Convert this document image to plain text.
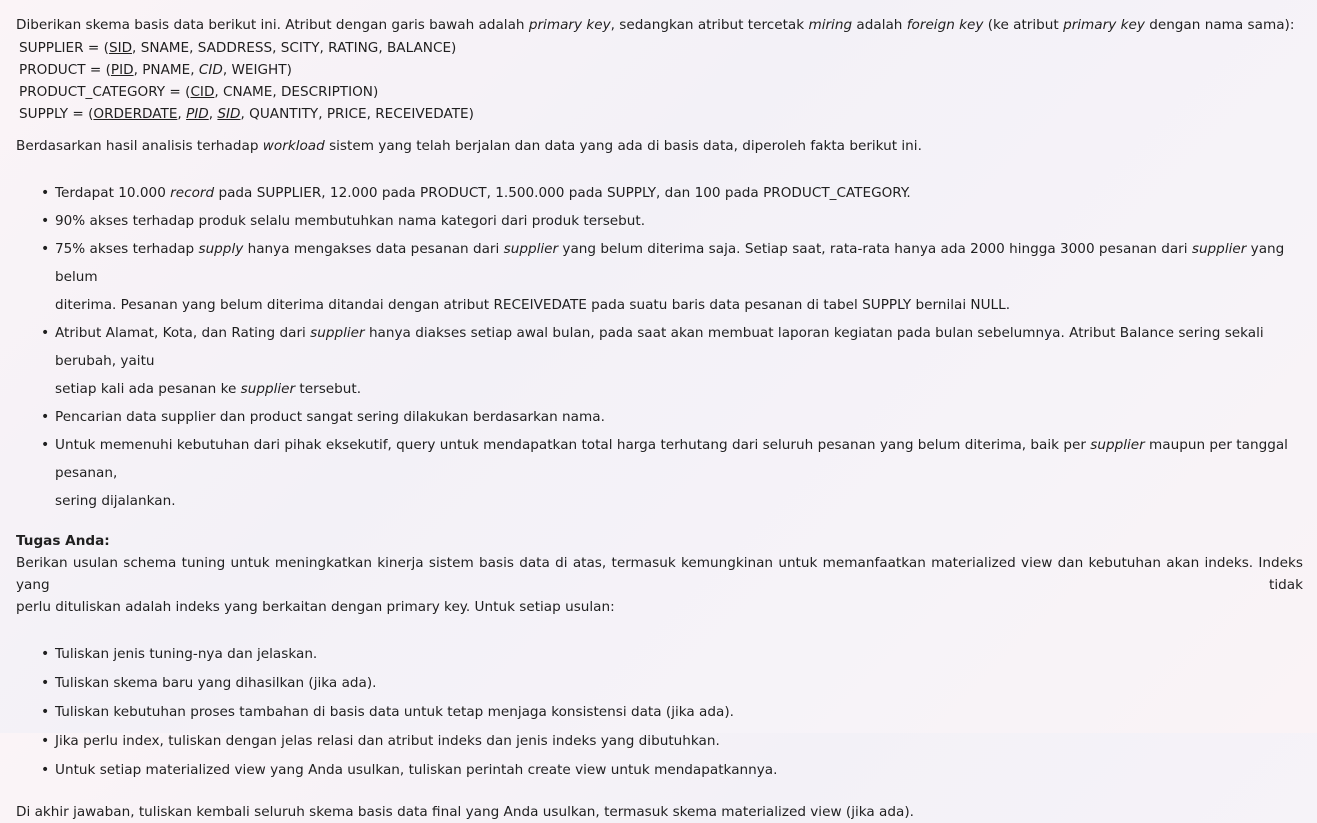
Diberikan skema basis data berikut ini. Atribut dengan garis bawah adalah primary key, sedangkan atribut tercetak miring adalah foreign key (ke atribut primary key dengan nama sama):
SUPPLIER = (SID, SNAME, SADDRESS, SCITY, RATING, BALANCE)
PRODUCT = (PID, PNAME, CID, WEIGHT)
PRODUCT_CATEGORY = (CID, CNAME, DESCRIPTION)
SUPPLY = (ORDERDATE, PID, SID, QUANTITY, PRICE, RECEIVEDATE)
Berdasarkan hasil analisis terhadap workload sistem yang telah berjalan dan data yang ada di basis data, diperoleh fakta berikut ini.
• Terdapat 10.000 record pada SUPPLIER, 12.000 pada PRODUCT, 1.500.000 pada SUPPLY, dan 100 pada PRODUCT_CATEGORY.
• 90% akses terhadap produk selalu membutuhkan nama kategori dari produk tersebut.
• 75% akses terhadap supply hanya mengakses data pesanan dari supplier yang belum diterima saja. Setiap saat, rata-rata hanya ada 2000 hingga 3000 pesanan dari supplier yang belum
diterima. Pesanan yang belum diterima ditandai dengan atribut RECEIVEDATE pada suatu baris data pesanan di tabel SUPPLY bernilai NULL.
• Atribut Alamat, Kota, dan Rating dari supplier hanya diakses setiap awal bulan, pada saat akan membuat laporan kegiatan pada bulan sebelumnya. Atribut Balance sering sekali berubah, yaitu
setiap kali ada pesanan ke supplier tersebut.
• Pencarian data supplier dan product sangat sering dilakukan berdasarkan nama.
• Untuk memenuhi kebutuhan dari pihak eksekutif, query untuk mendapatkan total harga terhutang dari seluruh pesanan yang belum diterima, baik per supplier maupun per tanggal pesanan,
sering dijalankan.
Tugas Anda:
Berikan usulan schema tuning untuk meningkatkan kinerja sistem basis data di atas, termasuk kemungkinan untuk memanfaatkan materialized view dan kebutuhan akan indeks. Indeks yang tidak
perlu dituliskan adalah indeks yang berkaitan dengan primary key. Untuk setiap usulan:
• Tuliskan jenis tuning-nya dan jelaskan.
• Tuliskan skema baru yang dihasilkan (jika ada).
• Tuliskan kebutuhan proses tambahan di basis data untuk tetap menjaga konsistensi data (jika ada).
• Jika perlu index, tuliskan dengan jelas relasi dan atribut indeks dan jenis indeks yang dibutuhkan.
• Untuk setiap materialized view yang Anda usulkan, tuliskan perintah create view untuk mendapatkannya.
Di akhir jawaban, tuliskan kembali seluruh skema basis data final yang Anda usulkan, termasuk skema materialized view (jika ada).
